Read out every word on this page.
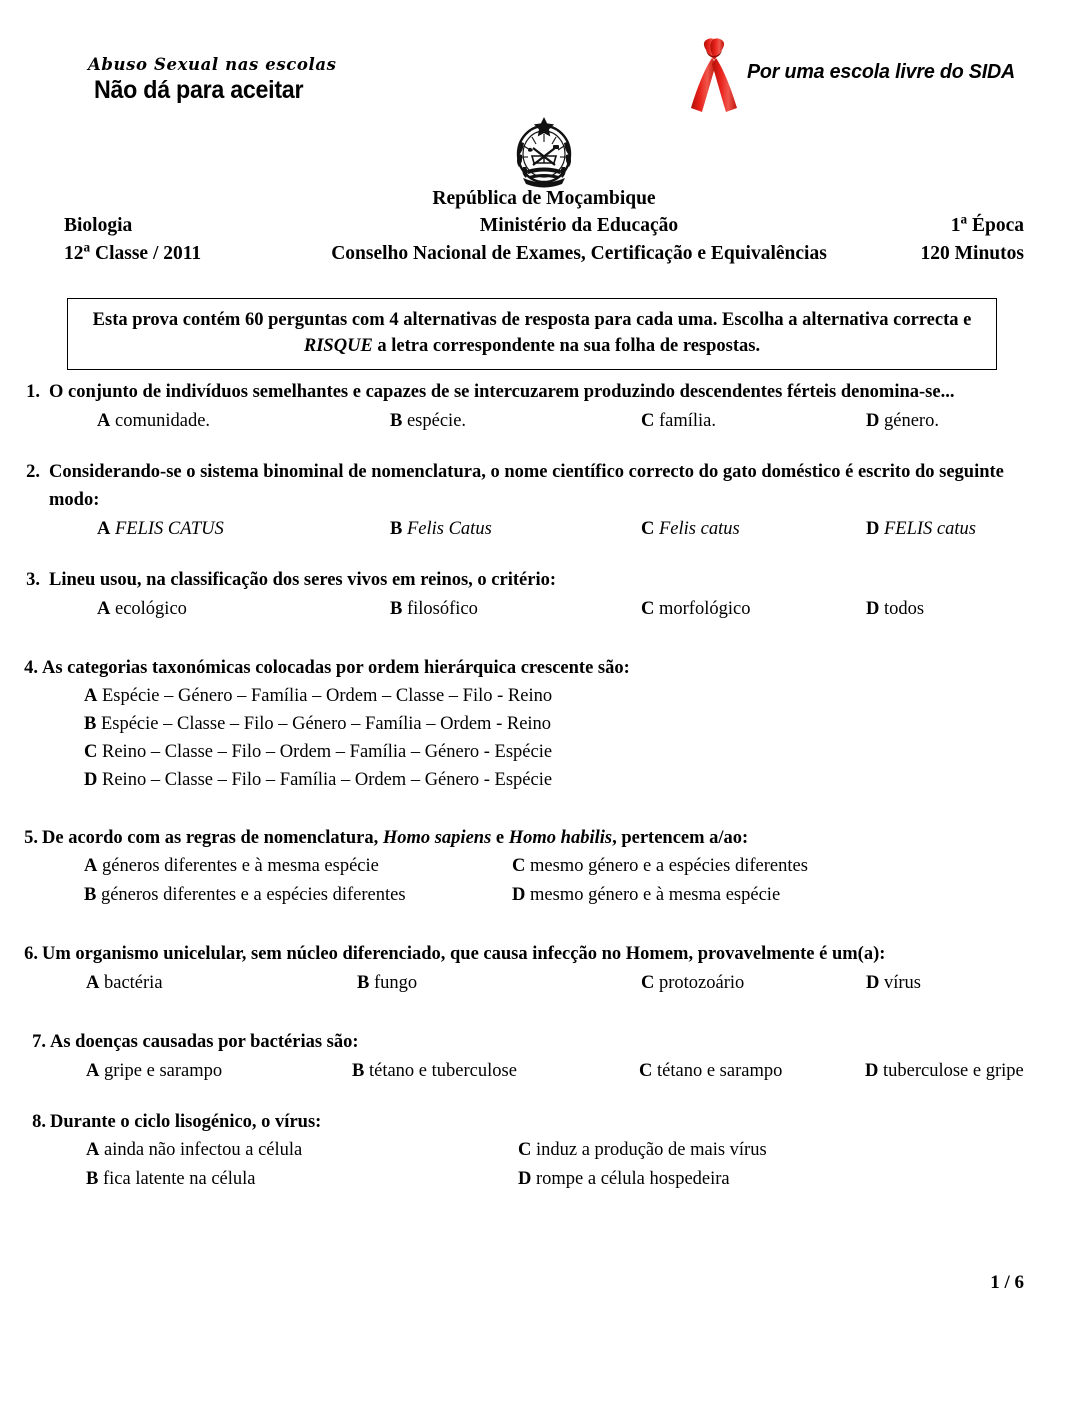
Abuso Sexual nas escolas
Não dá para aceitar
Por uma escola livre do SIDA
República de Moçambique
Biologia	Ministério da Educação	1$^a$ Época
12$^a$ Classe / 2011	Conselho Nacional de Exames, Certificação e Equivalências	120 Minutos
Esta prova contém 60 perguntas com 4 alternativas de resposta para cada uma. Escolha a alternativa correcta e RISQUE a letra correspondente na sua folha de respostas.
1. O conjunto de indivíduos semelhantes e capazes de se intercuzarem produzindo descendentes férteis denomina-se...
A comunidade.	B espécie.	C família.	D género.
2. Considerando-se o sistema binominal de nomenclatura, o nome científico correcto do gato doméstico é escrito do seguinte modo:
A FELIS CATUS	B Felis Catus	C Felis catus	D FELIS catus
3. Lineu usou, na classificação dos seres vivos em reinos, o critério:
A ecológico	B filosófico	C morfológico	D todos
4. As categorias taxonómicas colocadas por ordem hierárquica crescente são:
A Espécie – Género – Família – Ordem – Classe – Filo - Reino
B Espécie – Classe – Filo – Género – Família – Ordem - Reino
C Reino – Classe – Filo – Ordem – Família – Género - Espécie
D Reino – Classe – Filo – Família – Ordem – Género - Espécie
5. De acordo com as regras de nomenclatura, Homo sapiens e Homo habilis, pertencem a/ao:
A géneros diferentes e à mesma espécie	C mesmo género e a espécies diferentes
B géneros diferentes e a espécies diferentes	D mesmo género e à mesma espécie
6. Um organismo unicelular, sem núcleo diferenciado, que causa infecção no Homem, provavelmente é um(a):
A bactéria	B fungo	C protozoário	D vírus
7. As doenças causadas por bactérias são:
A gripe e sarampo	B tétano e tuberculose	C tétano e sarampo	D tuberculose e gripe
8. Durante o ciclo lisogénico, o vírus:
A ainda não infectou a célula	C induz a produção de mais vírus
B fica latente na célula	D rompe a célula hospedeira
1 / 6
